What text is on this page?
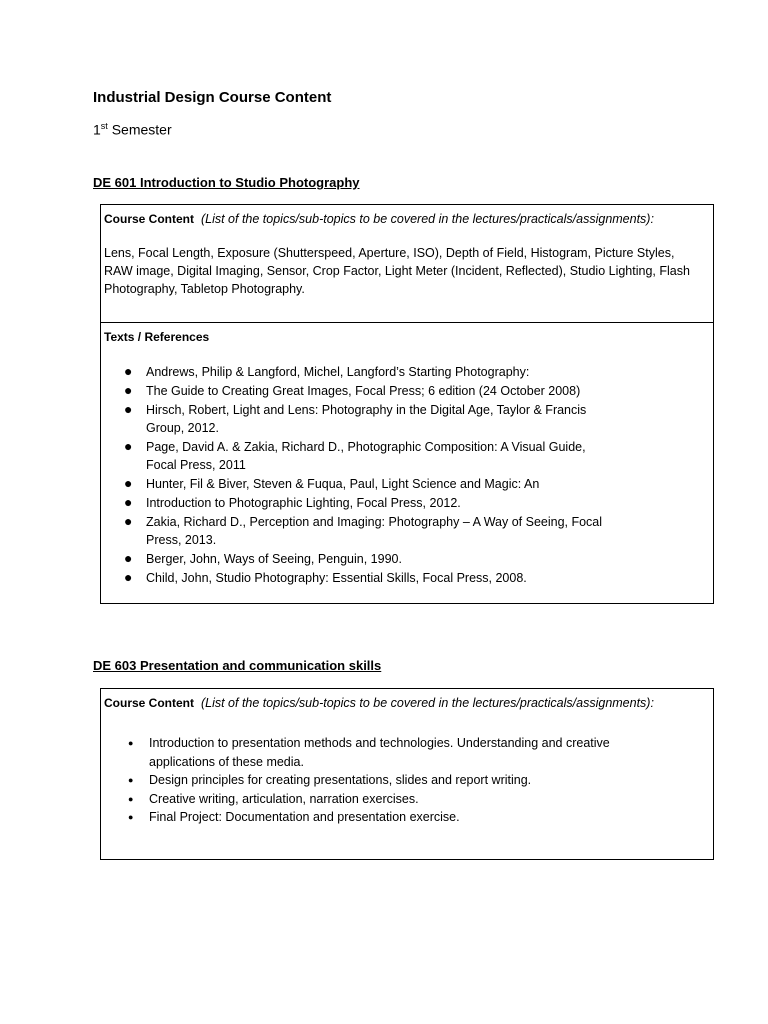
Industrial Design Course Content
1st Semester
DE 601 Introduction to Studio Photography
Course Content (List of the topics/sub-topics to be covered in the lectures/practicals/assignments):
Lens, Focal Length, Exposure (Shutterspeed, Aperture, ISO), Depth of Field, Histogram, Picture Styles, RAW image, Digital Imaging, Sensor, Crop Factor, Light Meter (Incident, Reflected), Studio Lighting, Flash Photography, Tabletop Photography.
Texts / References
● Andrews, Philip & Langford, Michel, Langford’s Starting Photography:
● The Guide to Creating Great Images, Focal Press; 6 edition (24 October 2008)
● Hirsch, Robert, Light and Lens: Photography in the Digital Age, Taylor & Francis Group, 2012.
● Page, David A. & Zakia, Richard D., Photographic Composition: A Visual Guide, Focal Press, 2011
● Hunter, Fil & Biver, Steven & Fuqua, Paul, Light Science and Magic: An
● Introduction to Photographic Lighting, Focal Press, 2012.
● Zakia, Richard D., Perception and Imaging: Photography – A Way of Seeing, Focal Press, 2013.
● Berger, John, Ways of Seeing, Penguin, 1990.
● Child, John, Studio Photography: Essential Skills, Focal Press, 2008.
DE 603 Presentation and communication skills
Course Content (List of the topics/sub-topics to be covered in the lectures/practicals/assignments):
● Introduction to presentation methods and technologies. Understanding and creative applications of these media.
● Design principles for creating presentations, slides and report writing.
● Creative writing, articulation, narration exercises.
● Final Project: Documentation and presentation exercise.
